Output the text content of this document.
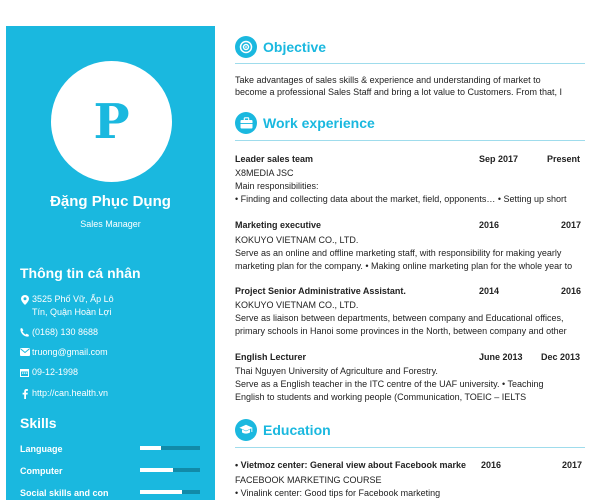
P
Đặng Phục Dụng
Sales Manager
Thông tin cá nhân
3525 Phố Vữ, Ấp Lô
Tín, Quận Hoàn Lợi
(0168) 130 8688
truong@gmail.com
09-12-1998
http://can.health.vn
Skills
Language
Computer
Social skills and con
Objective
Take advantages of sales skills & experience and understanding of market to
become a professional Sales Staff and bring a lot value to Customers. From that, I
Work experience
Leader sales team	Sep 2017	Present
X8MEDIA JSC
Main responsibilities:
• Finding and collecting data about the market, field, opponents… • Setting up short
Marketing executive	2016	2017
KOKUYO VIETNAM CO., LTD.
Serve as an online and offline marketing staff, with responsibility for making yearly
marketing plan for the company. • Making online marketing plan for the whole year to
Project Senior Administrative Assistant.	2014	2016
KOKUYO VIETNAM CO., LTD.
Serve as liaison between departments, between company and Educational offices,
primary schools in Hanoi some provinces in the North, between company and other
English Lecturer	June 2013 Dec 2013
Thai Nguyen University of Agriculture and Forestry.
Serve as a English teacher in the ITC centre of the UAF university. • Teaching
English to students and working people (Communication, TOEIC – IELTS
Education
• Vietmoz center: General view about Facebook marke	2016	2017
FACEBOOK MARKETING COURSE
• Vinalink center: Good tips for Facebook marketing
